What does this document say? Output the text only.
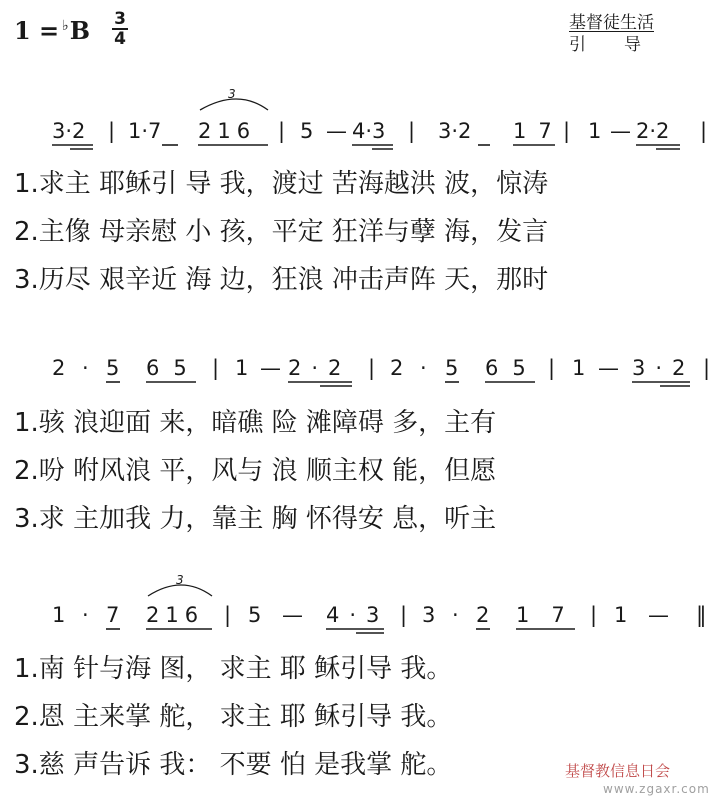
1 = ♭B 3
4
基督徒生活
引导
3·2 | 1·7 216 | 5 — 4·3 | 3·2 17 | 1 — 2·2 |
3
2 · 5 65 | 1 — 2·2 | 2 · 5 65 | 1 — 3·2 |
1 · 7 216 | 5 — 4·3 | 3 · 2 17 | 1 — ‖
3
1.求主 耶稣引 导 我，渡过 苦海越洪 波，惊涛
2.主像 母亲慰 小 孩，平定 狂洋与孽 海，发言
3.历尽 艰辛近 海 边，狂浪 冲击声阵 天，那时
1.骇 浪迎面 来，暗礁 险 滩障碍 多，主有
2.吩 咐风浪 平，风与 浪 顺主权 能，但愿
3.求 主加我 力，靠主 胸 怀得安 息，听主
1.南 针与海 图， 求主 耶 稣引导 我。
2.恩 主来掌 舵， 求主 耶 稣引导 我。
3.慈 声告诉 我： 不要 怕 是我掌 舵。	基督教信息日会
www.zgaxr.com
